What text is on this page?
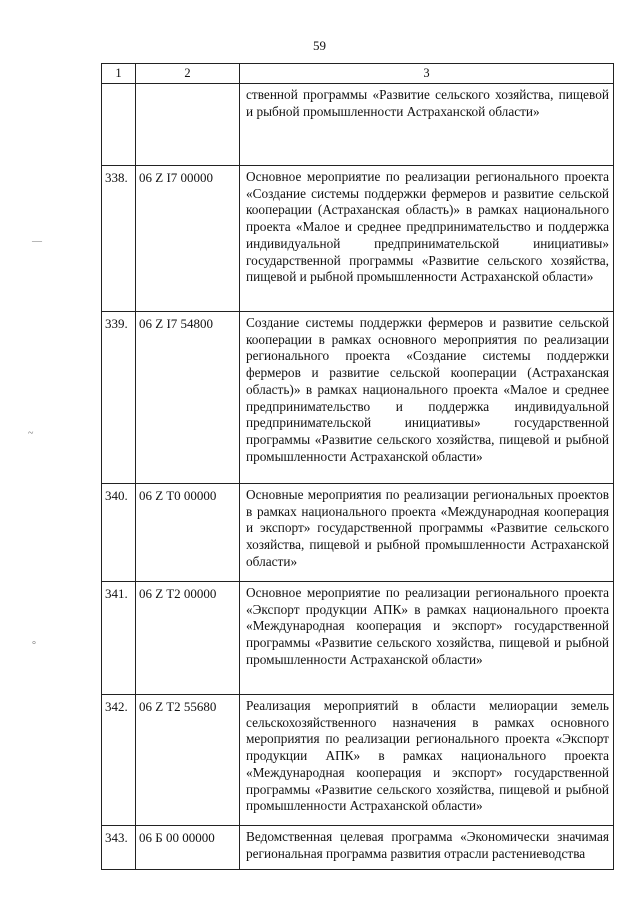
59
1	2	3
		ственной программы «Развитие сельского хозяйства, пищевой и рыбной промышленности Астраханской области»
338.	06 Z I7 00000	Основное мероприятие по реализации регионального проекта «Создание системы поддержки фермеров и развитие сельской кооперации (Астраханская область)» в рамках национального проекта «Малое и среднее предпринимательство и поддержка индивидуальной предпринимательской инициативы» государственной программы «Развитие сельского хозяйства, пищевой и рыбной промышленности Астраханской области»
339.	06 Z I7 54800	Создание системы поддержки фермеров и развитие сельской кооперации в рамках основного мероприятия по реализации регионального проекта «Создание системы поддержки фермеров и развитие сельской кооперации (Астраханская область)» в рамках национального проекта «Малое и среднее предпринимательство и поддержка индивидуальной предпринимательской инициативы» государственной программы «Развитие сельского хозяйства, пищевой и рыбной промышленности Астраханской области»
340.	06 Z T0 00000	Основные мероприятия по реализации региональных проектов в рамках национального проекта «Международная кооперация и экспорт» государственной программы «Развитие сельского хозяйства, пищевой и рыбной промышленности Астраханской области»
341.	06 Z T2 00000	Основное мероприятие по реализации регионального проекта «Экспорт продукции АПК» в рамках национального проекта «Международная кооперация и экспорт» государственной программы «Развитие сельского хозяйства, пищевой и рыбной промышленности Астраханской области»
342.	06 Z T2 55680	Реализация мероприятий в области мелиорации земель сельскохозяйственного назначения в рамках основного мероприятия по реализации регионального проекта «Экспорт продукции АПК» в рамках национального проекта «Международная кооперация и экспорт» государственной программы «Развитие сельского хозяйства, пищевой и рыбной промышленности Астраханской области»
343.	06 Б 00 00000	Ведомственная целевая программа «Экономически значимая региональная программа развития отрасли растениеводства
—
~
°
